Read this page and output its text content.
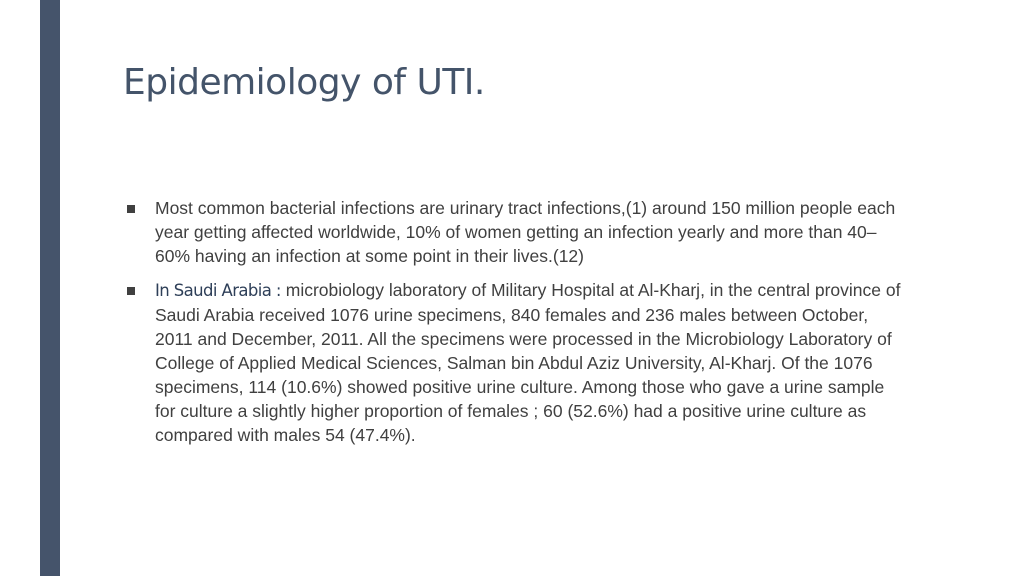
Epidemiology of UTI.
Most common bacterial infections are urinary tract infections,(1) around 150 million people each year getting affected worldwide, 10% of women getting an infection yearly and more than 40–60% having an infection at some point in their lives.(12)
In Saudi Arabia : microbiology laboratory of Military Hospital at Al-Kharj, in the central province of Saudi Arabia received 1076 urine specimens, 840 females and 236 males between October, 2011 and December, 2011. All the specimens were processed in the Microbiology Laboratory of College of Applied Medical Sciences, Salman bin Abdul Aziz University, Al-Kharj. Of the 1076 specimens, 114 (10.6%) showed positive urine culture. Among those who gave a urine sample for culture a slightly higher proportion of females ; 60 (52.6%) had a positive urine culture as compared with males 54 (47.4%).
